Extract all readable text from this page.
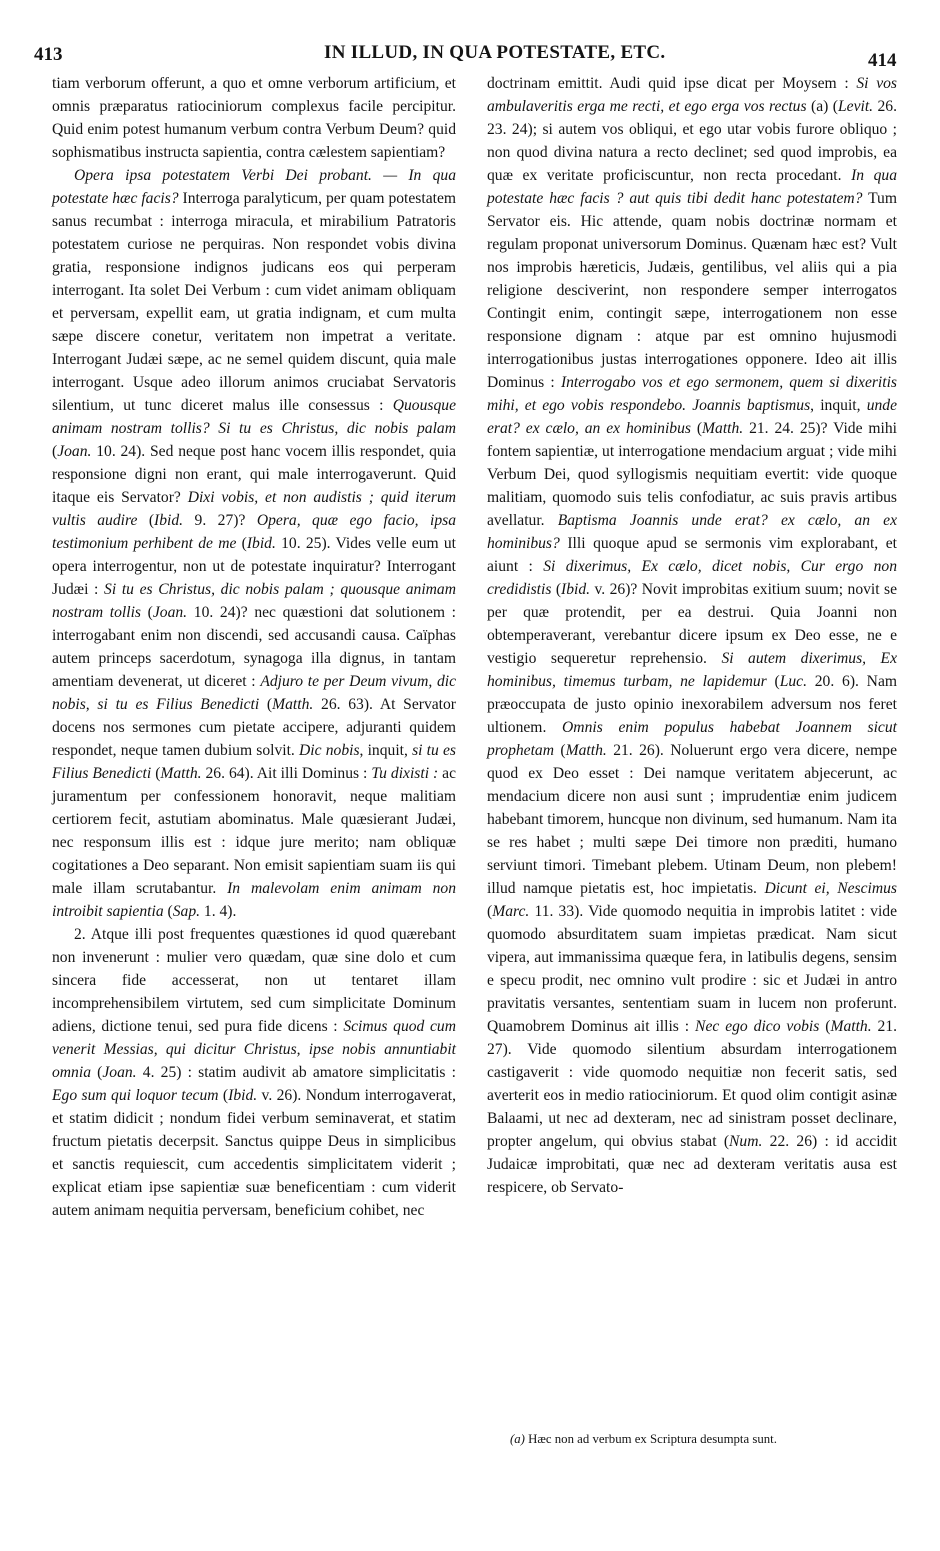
413	IN ILLUD, IN QUA POTESTATE, ETC.	414

tiam verborum offerunt, a quo et omne verborum artificium, et omnis præparatus ratiociniorum complexus facile percipitur. Quid enim potest humanum verbum contra Verbum Deum? quid sophismatibus instructa sapientia, contra cælestem sapientiam?

Opera ipsa potestatem Verbi Dei probant. — In qua potestate hæc facis? Interroga paralyticum, per quam potestatem sanus recumbat : interroga miracula, et mirabilium Patratoris potestatem curiose ne perquiras. Non respondet vobis divina gratia, responsione indignos judicans eos qui perperam interrogant. Ita solet Dei Verbum : cum videt animam obliquam et perversam, expellit eam, ut gratia indignam, et cum multa sæpe discere conetur, veritatem non impetrat a veritate. Interrogant Judæi sæpe, ac ne semel quidem discunt, quia male interrogant. Usque adeo illorum animos cruciabat Servatoris silentium, ut tunc diceret malus ille consessus : Quousque animam nostram tollis? Si tu es Christus, dic nobis palam (Joan. 10. 24). Sed neque post hanc vocem illis respondet, quia responsione digni non erant, qui male interrogaverunt. Quid itaque eis Servator? Dixi vobis, et non audistis ; quid iterum vultis audire (Ibid. 9. 27)? Opera, quæ ego facio, ipsa testimonium perhibent de me (Ibid. 10. 25). Vides velle eum ut opera interrogentur, non ut de potestate inquiratur? Interrogant Judæi : Si tu es Christus, dic nobis palam ; quousque animam nostram tollis (Joan. 10. 24)? nec quæstioni dat solutionem : interrogabant enim non discendi, sed accusandi causa. Caïphas autem princeps sacerdotum, synagoga illa dignus, in tantam amentiam devenerat, ut diceret : Adjuro te per Deum vivum, dic nobis, si tu es Filius Benedicti (Matth. 26. 63). At Servator docens nos sermones cum pietate accipere, adjuranti quidem respondet, neque tamen dubium solvit. Dic nobis, inquit, si tu es Filius Benedicti (Matth. 26. 64). Ait illi Dominus : Tu dixisti : ac juramentum per confessionem honoravit, neque malitiam certiorem fecit, astutiam abominatus. Male quæsierant Judæi, nec responsum illis est : idque jure merito; nam obliquæ cogitationes a Deo separant. Non emisit sapientiam suam iis qui male illam scrutabantur. In malevolam enim animam non introibit sapientia (Sap. 1. 4).

2. Atque illi post frequentes quæstiones id quod quærebant non invenerunt : mulier vero quædam, quæ sine dolo et cum sincera fide accesserat, non ut tentaret illam incomprehensibilem virtutem, sed cum simplicitate Dominum adiens, dictione tenui, sed pura fide dicens : Scimus quod cum venerit Messias, qui dicitur Christus, ipse nobis annuntiabit omnia (Joan. 4. 25) : statim audivit ab amatore simplicitatis : Ego sum qui loquor tecum (Ibid. v. 26). Nondum interrogaverat, et statim didicit ; nondum fidei verbum seminaverat, et statim fructum pietatis decerpsit. Sanctus quippe Deus in simplicibus et sanctis requiescit, cum accedentis simplicitatem viderit ; explicat etiam ipse sapientiæ suæ beneficentiam : cum viderit autem animam nequitia perversam, beneficium cohibet, nec

doctrinam emittit. Audi quid ipse dicat per Moysem : Si vos ambulaveritis erga me recti, et ego erga vos rectus (a) (Levit. 26. 23. 24); si autem vos obliqui, et ego utar vobis furore obliquo ; non quod divina natura a recto declinet; sed quod improbis, ea quæ ex veritate proficiscuntur, non recta procedant. In qua potestate hæc facis ? aut quis tibi dedit hanc potestatem? Tum Servator eis. Hic attende, quam nobis doctrinæ normam et regulam proponat universorum Dominus. Quænam hæc est? Vult nos improbis hæreticis, Judæis, gentilibus, vel aliis qui a pia religione desciverint, non respondere semper interrogatos Contingit enim, contingit sæpe, interrogationem non esse responsione dignam : atque par est omnino hujusmodi interrogationibus justas interrogationes opponere. Ideo ait illis Dominus : Interrogabo vos et ego sermonem, quem si dixeritis mihi, et ego vobis respondebo. Joannis baptismus, inquit, unde erat? ex cælo, an ex hominibus (Matth. 21. 24. 25)? Vide mihi fontem sapientiæ, ut interrogatione mendacium arguat ; vide mihi Verbum Dei, quod syllogismis nequitiam evertit: vide quoque malitiam, quomodo suis telis confodiatur, ac suis pravis artibus avellatur. Baptisma Joannis unde erat? ex cælo, an ex hominibus? Illi quoque apud se sermonis vim explorabant, et aiunt : Si dixerimus, Ex cælo, dicet nobis, Cur ergo non credidistis (Ibid. v. 26)? Novit improbitas exitium suum; novit se per quæ protendit, per ea destrui. Quia Joanni non obtemperaverant, verebantur dicere ipsum ex Deo esse, ne e vestigio sequeretur reprehensio. Si autem dixerimus, Ex hominibus, timemus turbam, ne lapidemur (Luc. 20. 6). Nam præoccupata de justo opinio inexorabilem adversum nos feret ultionem. Omnis enim populus habebat Joannem sicut prophetam (Matth. 21. 26). Noluerunt ergo vera dicere, nempe quod ex Deo esset : Dei namque veritatem abjecerunt, ac mendacium dicere non ausi sunt ; imprudentiæ enim judicem habebant timorem, huncque non divinum, sed humanum. Nam ita se res habet ; multi sæpe Dei timore non præditi, humano serviunt timori. Timebant plebem. Utinam Deum, non plebem! illud namque pietatis est, hoc impietatis. Dicunt ei, Nescimus (Marc. 11. 33). Vide quomodo nequitia in improbis latitet : vide quomodo absurditatem suam impietas prædicat. Nam sicut vipera, aut immanissima quæque fera, in latibulis degens, sensim e specu prodit, nec omnino vult prodire : sic et Judæi in antro pravitatis versantes, sententiam suam in lucem non proferunt. Quamobrem Dominus ait illis : Nec ego dico vobis (Matth. 21. 27). Vide quomodo silentium absurdam interrogationem castigaverit : vide quomodo nequitiæ non fecerit satis, sed averterit eos in medio ratiociniorum. Et quod olim contigit asinæ Balaami, ut nec ad dexteram, nec ad sinistram posset declinare, propter angelum, qui obvius stabat (Num. 22. 26) : id accidit Judaicæ improbitati, quæ nec ad dexteram veritatis ausa est respicere, ob Servato-

(a) Hæc non ad verbum ex Scriptura desumpta sunt.
